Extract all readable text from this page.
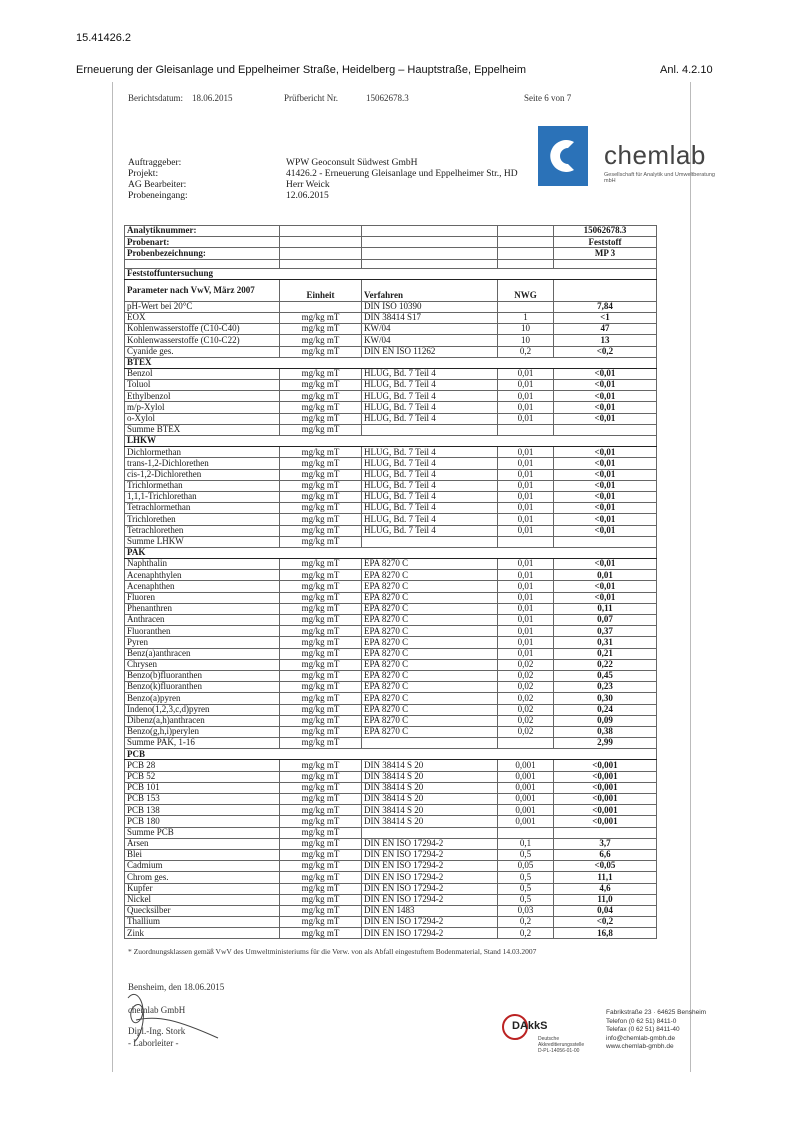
15.41426.2
Erneuerung der Gleisanlage und Eppelheimer Straße, Heidelberg – Hauptstraße, Eppelheim	Anl. 4.2.10
Berichtsdatum: 18.06.2015	Prüfbericht Nr.	15062678.3	Seite 6 von 7
chemlab
Gesellschaft für Analytik und Umweltberatung mbH
Auftraggeber:	WPW Geoconsult Südwest GmbH
Projekt:	41426.2 - Erneuerung Gleisanlage und Eppelheimer Str., HD
AG Bearbeiter:	Herr Weick
Probeneingang:	12.06.2015
Analytiknummer:				15062678.3
Probenart:				Feststoff
Probenbezeichnung:				MP 3

Feststoffuntersuchung				
Parameter nach VwV, März 2007	Einheit	Verfahren	NWG	
pH-Wert bei 20°C		DIN ISO 10390		7,84
EOX	mg/kg mT	DIN 38414 S17	1	<1
Kohlenwasserstoffe (C10-C40)	mg/kg mT	KW/04	10	47
Kohlenwasserstoffe (C10-C22)	mg/kg mT	KW/04	10	13
Cyanide ges.	mg/kg mT	DIN EN ISO 11262	0,2	<0,2
BTEX				
Benzol	mg/kg mT	HLUG, Bd. 7 Teil 4	0,01	<0,01
Toluol	mg/kg mT	HLUG, Bd. 7 Teil 4	0,01	<0,01
Ethylbenzol	mg/kg mT	HLUG, Bd. 7 Teil 4	0,01	<0,01
m/p-Xylol	mg/kg mT	HLUG, Bd. 7 Teil 4	0,01	<0,01
o-Xylol	mg/kg mT	HLUG, Bd. 7 Teil 4	0,01	<0,01
Summe BTEX	mg/kg mT			
LHKW				
Dichlormethan	mg/kg mT	HLUG, Bd. 7 Teil 4	0,01	<0,01
trans-1,2-Dichlorethen	mg/kg mT	HLUG, Bd. 7 Teil 4	0,01	<0,01
cis-1,2-Dichlorethen	mg/kg mT	HLUG, Bd. 7 Teil 4	0,01	<0,01
Trichlormethan	mg/kg mT	HLUG, Bd. 7 Teil 4	0,01	<0,01
1,1,1-Trichlorethan	mg/kg mT	HLUG, Bd. 7 Teil 4	0,01	<0,01
Tetrachlormethan	mg/kg mT	HLUG, Bd. 7 Teil 4	0,01	<0,01
Trichlorethen	mg/kg mT	HLUG, Bd. 7 Teil 4	0,01	<0,01
Tetrachlorethen	mg/kg mT	HLUG, Bd. 7 Teil 4	0,01	<0,01
Summe LHKW	mg/kg mT			
PAK				
Naphthalin	mg/kg mT	EPA 8270 C	0,01	<0,01
Acenaphthylen	mg/kg mT	EPA 8270 C	0,01	0,01
Acenaphthen	mg/kg mT	EPA 8270 C	0,01	<0,01
Fluoren	mg/kg mT	EPA 8270 C	0,01	<0,01
Phenanthren	mg/kg mT	EPA 8270 C	0,01	0,11
Anthracen	mg/kg mT	EPA 8270 C	0,01	0,07
Fluoranthen	mg/kg mT	EPA 8270 C	0,01	0,37
Pyren	mg/kg mT	EPA 8270 C	0,01	0,31
Benz(a)anthracen	mg/kg mT	EPA 8270 C	0,01	0,21
Chrysen	mg/kg mT	EPA 8270 C	0,02	0,22
Benzo(b)fluoranthen	mg/kg mT	EPA 8270 C	0,02	0,45
Benzo(k)fluoranthen	mg/kg mT	EPA 8270 C	0,02	0,23
Benzo(a)pyren	mg/kg mT	EPA 8270 C	0,02	0,30
Indeno(1,2,3,c,d)pyren	mg/kg mT	EPA 8270 C	0,02	0,24
Dibenz(a,h)anthracen	mg/kg mT	EPA 8270 C	0,02	0,09
Benzo(g,h,i)perylen	mg/kg mT	EPA 8270 C	0,02	0,38
Summe PAK, 1-16	mg/kg mT			2,99
PCB				
PCB 28	mg/kg mT	DIN 38414 S 20	0,001	<0,001
PCB 52	mg/kg mT	DIN 38414 S 20	0,001	<0,001
PCB 101	mg/kg mT	DIN 38414 S 20	0,001	<0,001
PCB 153	mg/kg mT	DIN 38414 S 20	0,001	<0,001
PCB 138	mg/kg mT	DIN 38414 S 20	0,001	<0,001
PCB 180	mg/kg mT	DIN 38414 S 20	0,001	<0,001
Summe PCB	mg/kg mT			
Arsen	mg/kg mT	DIN EN ISO 17294-2	0,1	3,7
Blei	mg/kg mT	DIN EN ISO 17294-2	0,5	6,6
Cadmium	mg/kg mT	DIN EN ISO 17294-2	0,05	<0,05
Chrom ges.	mg/kg mT	DIN EN ISO 17294-2	0,5	11,1
Kupfer	mg/kg mT	DIN EN ISO 17294-2	0,5	4,6
Nickel	mg/kg mT	DIN EN ISO 17294-2	0,5	11,0
Quecksilber	mg/kg mT	DIN EN 1483	0,03	0,04
Thallium	mg/kg mT	DIN EN ISO 17294-2	0,2	<0,2
Zink	mg/kg mT	DIN EN ISO 17294-2	0,2	16,8
* Zuordnungsklassen gemäß VwV des Umweltministeriums für die Verw. von als Abfall eingestuftem Bodenmaterial, Stand 14.03.2007
Bensheim, den 18.06.2015
chemlab GmbH
Dipl.-Ing. Stork
- Laborleiter -
DAkkS
Deutsche
Akkreditierungsstelle
D-PL-14056-01-00
Fabrikstraße 23 · 64625 Bensheim
Telefon (0 62 51) 8411-0
Telefax (0 62 51) 8411-40
info@chemlab-gmbh.de
www.chemlab-gmbh.de
